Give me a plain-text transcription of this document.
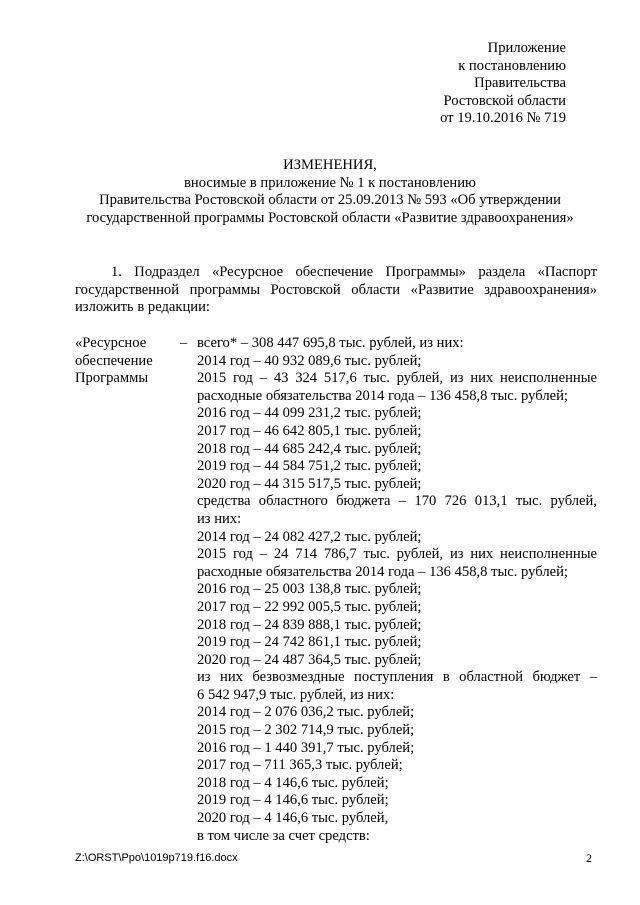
Приложение
к постановлению
Правительства
Ростовской области
от 19.10.2016 № 719
ИЗМЕНЕНИЯ,
вносимые в приложение № 1 к постановлению
Правительства Ростовской области от 25.09.2013 № 593 «Об утверждении
государственной программы Ростовской области «Развитие здравоохранения»
1. Подраздел «Ресурсное обеспечение Программы» раздела «Паспорт государственной программы Ростовской области «Развитие здравоохранения» изложить в редакции:
«Ресурсное
обеспечение
Программы
– всего* – 308 447 695,8 тыс. рублей, из них:
2014 год – 40 932 089,6 тыс. рублей;
2015 год – 43 324 517,6 тыс. рублей, из них неисполненные
расходные обязательства 2014 года – 136 458,8 тыс. рублей;
2016 год – 44 099 231,2 тыс. рублей;
2017 год – 46 642 805,1 тыс. рублей;
2018 год – 44 685 242,4 тыс. рублей;
2019 год – 44 584 751,2 тыс. рублей;
2020 год – 44 315 517,5 тыс. рублей;
средства областного бюджета – 170 726 013,1 тыс. рублей,
из них:
2014 год – 24 082 427,2 тыс. рублей;
2015 год – 24 714 786,7 тыс. рублей, из них неисполненные
расходные обязательства 2014 года – 136 458,8 тыс. рублей;
2016 год – 25 003 138,8 тыс. рублей;
2017 год – 22 992 005,5 тыс. рублей;
2018 год – 24 839 888,1 тыс. рублей;
2019 год – 24 742 861,1 тыс. рублей;
2020 год – 24 487 364,5 тыс. рублей;
из них безвозмездные поступления в областной бюджет –
6 542 947,9 тыс. рублей, из них:
2014 год – 2 076 036,2 тыс. рублей;
2015 год – 2 302 714,9 тыс. рублей;
2016 год – 1 440 391,7 тыс. рублей;
2017 год – 711 365,3 тыс. рублей;
2018 год – 4 146,6 тыс. рублей;
2019 год – 4 146,6 тыс. рублей;
2020 год – 4 146,6 тыс. рублей,
в том числе за счет средств:
Z:\ORST\Ppo\1019p719.f16.docx	2
